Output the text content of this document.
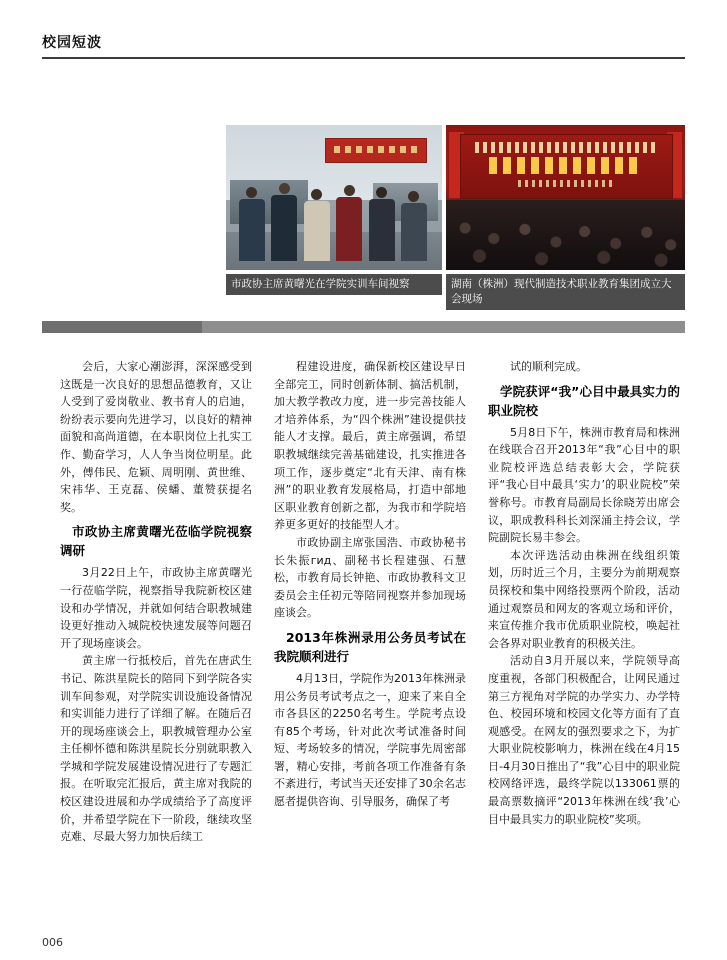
校园短波
市政协主席黄曙光在学院实训车间视察	湖南（株洲）现代制造技术职业教育集团成立大会现场

会后，大家心潮澎湃，深深感受到这既是一次良好的思想品德教育，又让人受到了爱岗敬业、教书育人的启迪，纷纷表示要向先进学习，以良好的精神面貌和高尚道德，在本职岗位上扎实工作、勤奋学习，人人争当岗位明星。此外，傅伟民、危颖、周明刚、黄世维、宋祎华、王克磊、侯蟠、董赞获提名奖。

市政协主席黄曙光莅临学院视察调研

3月22日上午，市政协主席黄曙光一行莅临学院，视察指导我院新校区建设和办学情况，并就如何结合职教城建设更好推动入城院校快速发展等问题召开了现场座谈会。

黄主席一行抵校后，首先在唐武生书记、陈洪星院长的陪同下到学院各实训车间参观，对学院实训设施设备情况和实训能力进行了详细了解。在随后召开的现场座谈会上，职教城管理办公室主任柳怀德和陈洪星院长分别就职教入学城和学院发展建设情况进行了专题汇报。在听取完汇报后，黄主席对我院的校区建设进展和办学成绩给予了高度评价，并希望学院在下一阶段，继续攻坚克难、尽最大努力加快后续工

程建设进度，确保新校区建设早日全部完工，同时创新体制、搞活机制，加大教学教改力度，进一步完善技能人才培养体系，为“四个株洲”建设提供技能人才支撑。最后，黄主席强调，希望职教城继续完善基础建设，扎实推进各项工作，逐步奠定“北有天津、南有株洲”的职业教育发展格局，打造中部地区职业教育创新之都，为我市和学院培养更多更好的技能型人才。

市政协副主席张国浩、市政协秘书长朱振гид、副秘书长程建强、石慧松，市教育局长钟艳、市政协教科文卫委员会主任初元等陪同视察并参加现场座谈会。

2013年株洲录用公务员考试在我院顺利进行

4月13日，学院作为2013年株洲录用公务员考试考点之一，迎来了来自全市各县区的2250名考生。学院考点设有85个考场，针对此次考试准备时间短、考场较多的情况，学院事先周密部署，精心安排，考前各项工作准备有条不紊进行，考试当天还安排了30余名志愿者提供咨询、引导服务，确保了考

试的顺利完成。

学院获评“我”心目中最具实力的职业院校

5月8日下午，株洲市教育局和株洲在线联合召开2013年“我”心目中的职业院校评选总结表彰大会，学院获评“我心目中最具‘实力’的职业院校”荣誉称号。市教育局副局长徐晓芳出席会议，职成教科科长刘深涌主持会议，学院副院长易丰参会。

本次评选活动由株洲在线组织策划，历时近三个月，主要分为前期观察员探校和集中网络投票两个阶段，活动通过观察员和网友的客观立场和评价，来宣传推介我市优质职业院校，唤起社会各界对职业教育的积极关注。

活动自3月开展以来，学院领导高度重视，各部门积极配合，让网民通过第三方视角对学院的办学实力、办学特色、校园环境和校园文化等方面有了直观感受。在网友的强烈要求之下，为扩大职业院校影响力，株洲在线在4月15日-4月30日推出了“我”心目中的职业院校网络评选，最终学院以133061票的最高票数摘评“2013年株洲在线‘我’心目中最具实力的职业院校”奖项。

006
